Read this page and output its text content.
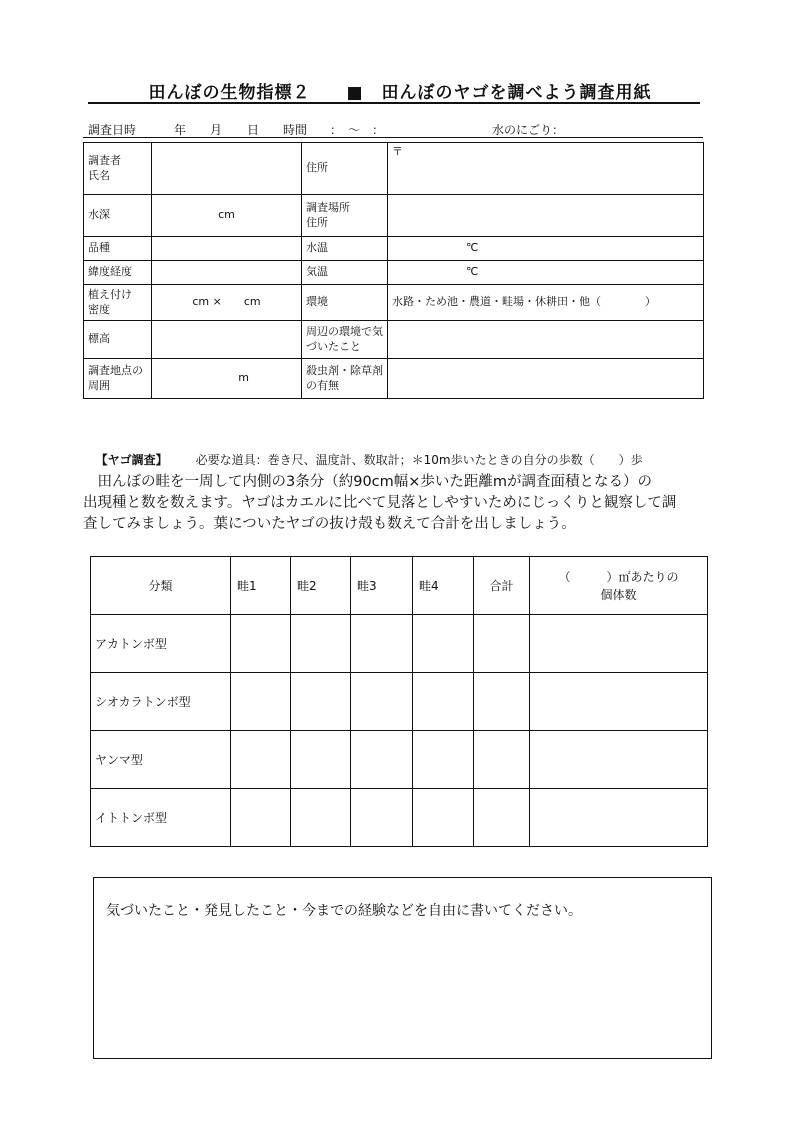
田んぼの生物指標２　　■　田んぼのヤゴを調べよう調査用紙
調査日時	年 月 日 時間 ：　〜　：	水のにごり：
調査者
氏名		住所	〒
水深	cm	調査場所
住所	
品種		水温	℃
緯度経度		気温	℃
植え付け
密度	cm ×　　cm	環境	水路・ため池・農道・畦場・休耕田・他（　　　　）
標高		周辺の環境で気
づいたこと	
調査地点の
周囲	m	殺虫剤・除草剤
の有無	

【ヤゴ調査】 必要な道具：巻き尺、温度計、数取計；＊10m歩いたときの自分の歩数（　　）歩

　田んぼの畦を一周して内側の3条分（約90cm幅×歩いた距離mが調査面積となる）の
出現種と数を数えます。ヤゴはカエルに比べて見落としやすいためにじっくりと観察して調
査してみましょう。葉についたヤゴの抜け殻も数えて合計を出しましょう。
分類	畦1	畦2	畦3	畦4	合計	（　　　）㎡あたりの
個体数
アカトンボ型						
シオカラトンボ型						
ヤンマ型						
イトトンボ型						
気づいたこと・発見したこと・今までの経験などを自由に書いてください。
